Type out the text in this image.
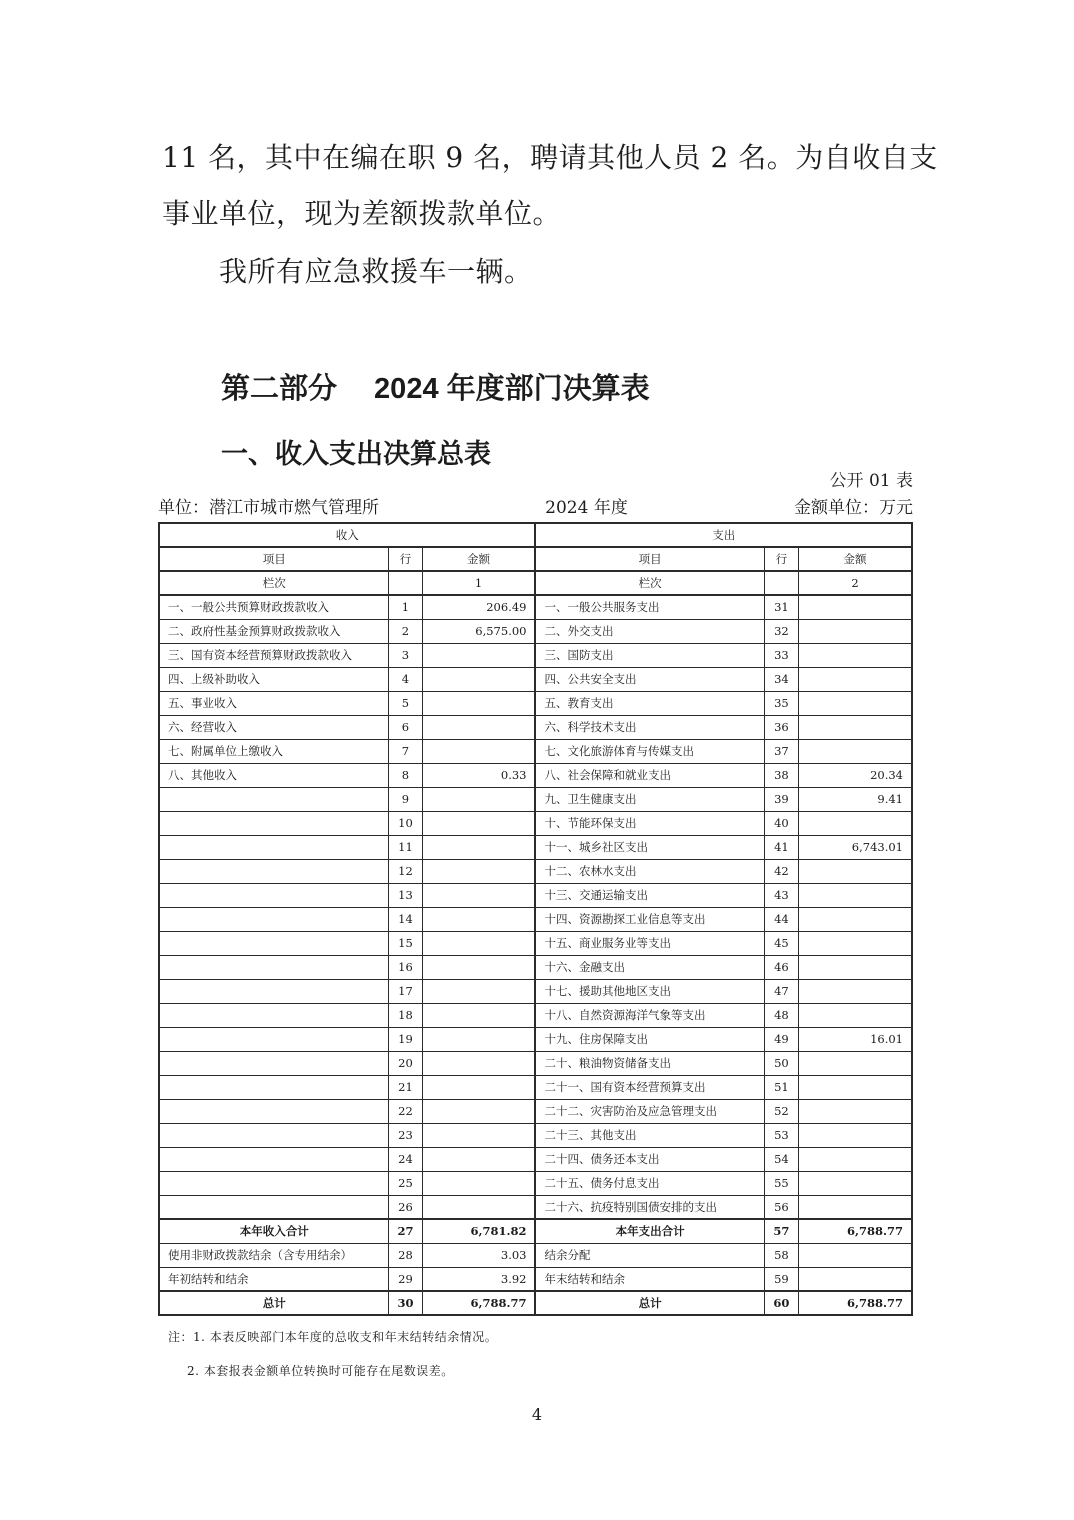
11 名，其中在编在职 9 名，聘请其他人员 2 名。为自收自支
事业单位，现为差额拨款单位。
我所有应急救援车一辆。
第二部分　 2024 年度部门决算表
一、收入支出决算总表
公开 01 表
单位：潜江市城市燃气管理所	2024 年度	金额单位：万元
收入			支出		
项目	行	金额	项目	行	金额
栏次		1	栏次		2
一、一般公共预算财政拨款收入	1	206.49	一、一般公共服务支出	31	
二、政府性基金预算财政拨款收入	2	6,575.00	二、外交支出	32	
三、国有资本经营预算财政拨款收入	3		三、国防支出	33	
四、上级补助收入	4		四、公共安全支出	34	
五、事业收入	5		五、教育支出	35	
六、经营收入	6		六、科学技术支出	36	
七、附属单位上缴收入	7		七、文化旅游体育与传媒支出	37	
八、其他收入	8	0.33	八、社会保障和就业支出	38	20.34
	9		九、卫生健康支出	39	9.41
	10		十、节能环保支出	40	
	11		十一、城乡社区支出	41	6,743.01
	12		十二、农林水支出	42	
	13		十三、交通运输支出	43	
	14		十四、资源勘探工业信息等支出	44	
	15		十五、商业服务业等支出	45	
	16		十六、金融支出	46	
	17		十七、援助其他地区支出	47	
	18		十八、自然资源海洋气象等支出	48	
	19		十九、住房保障支出	49	16.01
	20		二十、粮油物资储备支出	50	
	21		二十一、国有资本经营预算支出	51	
	22		二十二、灾害防治及应急管理支出	52	
	23		二十三、其他支出	53	
	24		二十四、债务还本支出	54	
	25		二十五、债务付息支出	55	
	26		二十六、抗疫特别国债安排的支出	56	
本年收入合计	27	6,781.82	本年支出合计	57	6,788.77
使用非财政拨款结余（含专用结余）	28	3.03	结余分配	58	
年初结转和结余	29	3.92	年末结转和结余	59	
总计	30	6,788.77	总计	60	6,788.77
注：1. 本表反映部门本年度的总收支和年末结转结余情况。
2. 本套报表金额单位转换时可能存在尾数误差。
4
